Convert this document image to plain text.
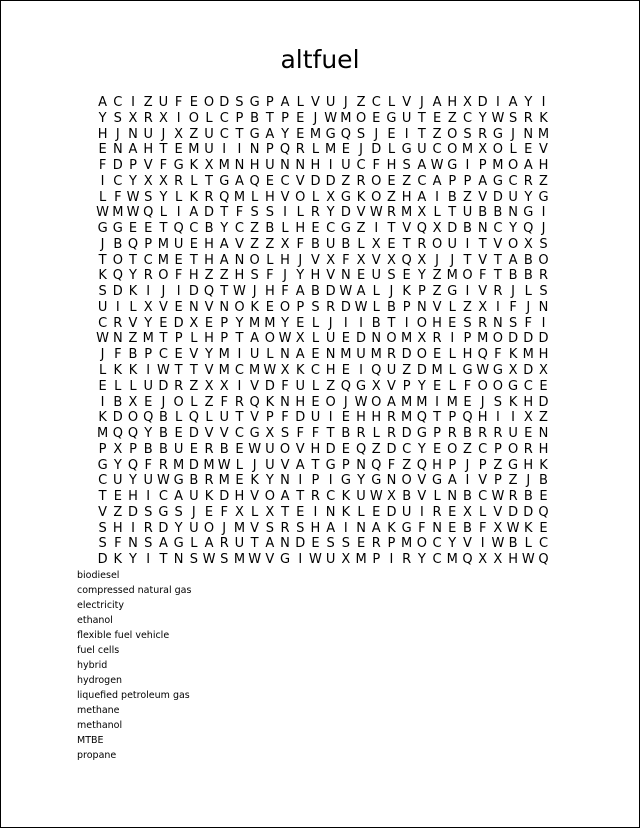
altfuel
A C I Z U F E O D S G P A L V U J Z C L V J A H X D I A Y I
Y S X R X I O L C P B T P E J W M O E G U T E Z C Y W S R K
H J N U J X Z U C T G A Y E M G Q S J E I T Z O S R G J N M
E N A H T E M U I I N P Q R L M E J D L G U C O M X O L E V
F D P V F G K X M N H U N N H I U C F H S A W G I P M O A H
I C Y X X R L T G A Q E C V D D Z R O E Z C A P P A G C R Z
L F W S Y L K R Q M L H V O L X G K O Z H A I B Z V D U Y G
W M W Q L I A D T F S S I L R Y D V W R M X L T U B B N G I
G G E E T Q C B Y C Z B L H E C G Z I T V Q X D B N C Y Q J
J B Q P M U E H A V Z Z X F B U B L X E T R O U I T V O X S
T O T C M E T H A N O L H J V X F X V X Q X J J T V T A B O
K Q Y R O F H Z Z H S F J Y H V N E U S E Y Z M O F T B B R
S D K I J I D Q T W J H F A B D W A L J K P Z G I V R J L S
U I L X V E N V N O K E O P S R D W L B P N V L Z X I F J N
C R V Y E D X E P Y M M Y E L J I I B T I O H E S R N S F I
W N Z M T P L H P T A O W X L U E D N O M X R I P M O D D D
J F B P C E V Y M I U L N A E N M U M R D O E L H Q F K M H
L K K I W T T V M C M W X K C H E I Q U Z D M L G W G X D X
E L L U D R Z X X I V D F U L Z Q G X V P Y E L F O O G C E
I B X E J O L Z F R Q K N H E O J W O A M M I M E J S K H D
K D O Q B L Q L U T V P F D U I E H H R M Q T P Q H I I X Z
M Q Q Y B E D V V C G X S F F T B R L R D G P R B R R U E N
P X P B B U E R B E W U O V H D E Q Z D C Y E O Z C P O R H
G Y Q F R M D M W L J U V A T G P N Q F Z Q H P J P Z G H K
C U Y U W G B R M E K Y N I P I G Y G N O V G A I V P Z J B
T E H I C A U K D H V O A T R C K U W X B V L N B C W R B E
V Z D S G S J E F X L X T E I N K L E D U I R E X L V D D Q
S H I R D Y U O J M V S R S H A I N A K G F N E B F X W K E
S F N S A G L A R U T A N D E S S E R P M O C Y V I W B L C
D K Y I T N S W S M W V G I W U X M P I R Y C M Q X X H W Q
biodiesel
compressed natural gas
electricity
ethanol
flexible fuel vehicle
fuel cells
hybrid
hydrogen
liquefied petroleum gas
methane
methanol
MTBE
propane
